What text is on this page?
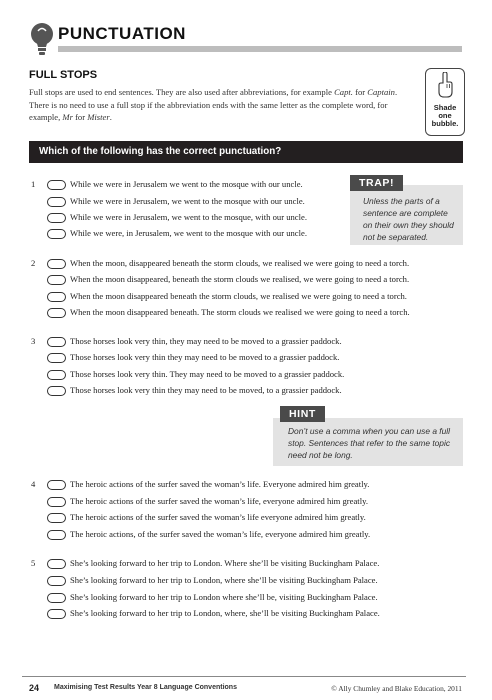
PUNCTUATION
FULL STOPS
Full stops are used to end sentences. They are also used after abbreviations, for example Capt. for Captain. There is no need to use a full stop if the abbreviation ends with the same letter as the complete word, for example, Mr for Mister.
Shade
one
bubble.
Which of the following has the correct punctuation?
TRAP!
Unless the parts of a
sentence are complete
on their own they should
not be separated.
HINT
Don’t use a comma when you can use a full
stop. Sentences that refer to the same topic
need not be long.
1	While we were in Jerusalem we went to the mosque with our uncle.
While we were in Jerusalem, we went to the mosque with our uncle.
While we were in Jerusalem, we went to the mosque, with our uncle.
While we were, in Jerusalem, we went to the mosque with our uncle.
2	When the moon, disappeared beneath the storm clouds, we realised we were going to need a torch.
When the moon disappeared, beneath the storm clouds we realised, we were going to need a torch.
When the moon disappeared beneath the storm clouds, we realised we were going to need a torch.
When the moon disappeared beneath. The storm clouds we realised we were going to need a torch.
3	Those horses look very thin, they may need to be moved to a grassier paddock.
Those horses look very thin they may need to be moved to a grassier paddock.
Those horses look very thin. They may need to be moved to a grassier paddock.
Those horses look very thin they may need to be moved, to a grassier paddock.
4	The heroic actions of the surfer saved the woman’s life. Everyone admired him greatly.
The heroic actions of the surfer saved the woman’s life, everyone admired him greatly.
The heroic actions of the surfer saved the woman’s life everyone admired him greatly.
The heroic actions, of the surfer saved the woman’s life, everyone admired him greatly.
5	She’s looking forward to her trip to London. Where she’ll be visiting Buckingham Palace.
She’s looking forward to her trip to London, where she’ll be visiting Buckingham Palace.
She’s looking forward to her trip to London where she’ll be, visiting Buckingham Palace.
She’s looking forward to her trip to London, where, she’ll be visiting Buckingham Palace.
24 Maximising Test Results Year 8 Language Conventions	© Ally Chumley and Blake Education, 2011
